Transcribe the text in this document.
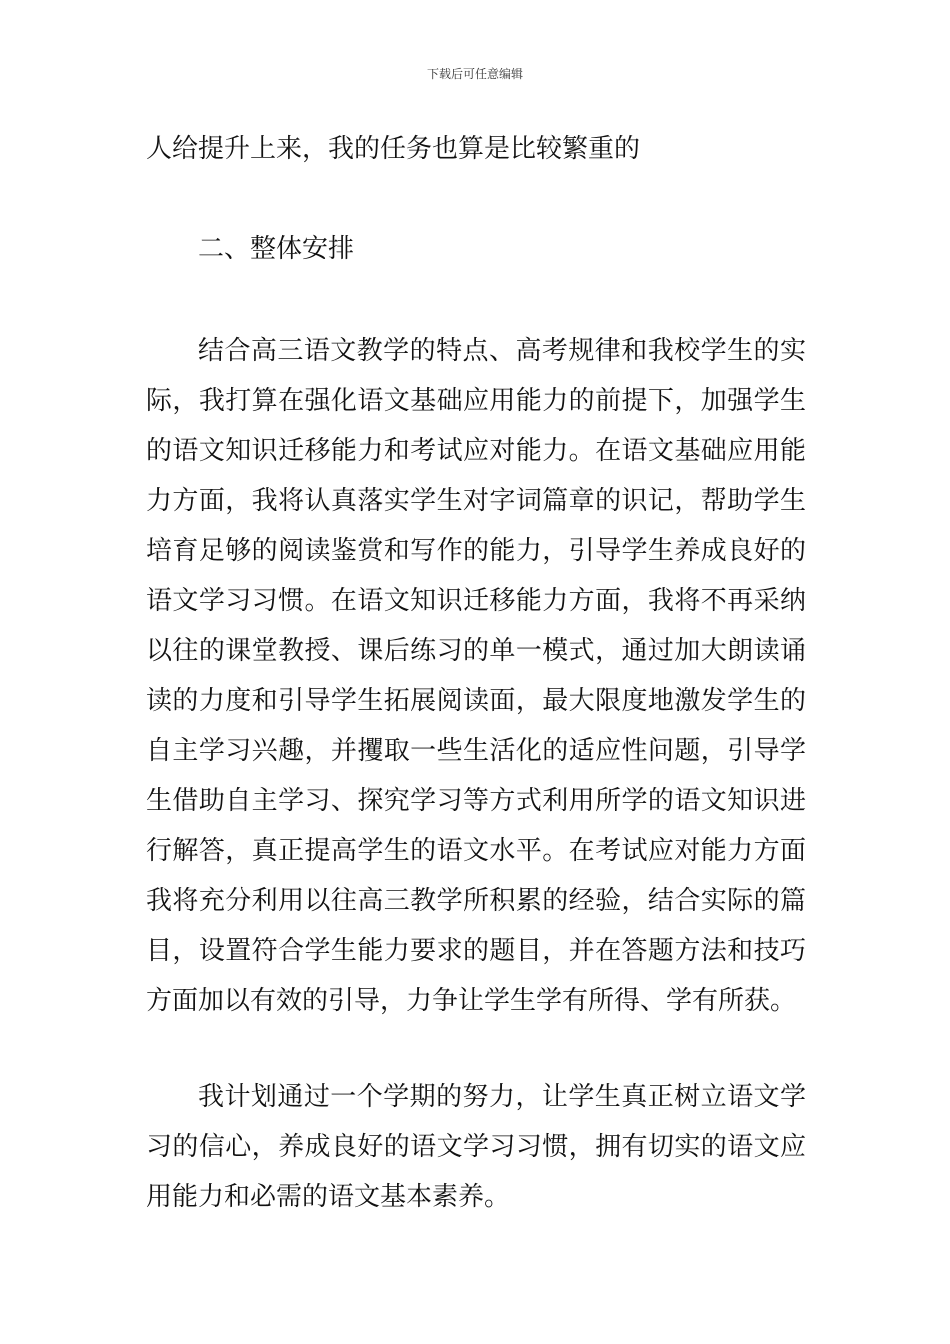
下载后可任意编辑

人给提升上来，我的任务也算是比较繁重的

二、整体安排

结合高三语文教学的特点、高考规律和我校学生的实际，我打算在强化语文基础应用能力的前提下，加强学生的语文知识迁移能力和考试应对能力。在语文基础应用能力方面，我将认真落实学生对字词篇章的识记，帮助学生培育足够的阅读鉴赏和写作的能力，引导学生养成良好的语文学习习惯。在语文知识迁移能力方面，我将不再采纳以往的课堂教授、课后练习的单一模式，通过加大朗读诵读的力度和引导学生拓展阅读面，最大限度地激发学生的自主学习兴趣，并攫取一些生活化的适应性问题，引导学生借助自主学习、探究学习等方式利用所学的语文知识进行解答，真正提高学生的语文水平。在考试应对能力方面我将充分利用以往高三教学所积累的经验，结合实际的篇目，设置符合学生能力要求的题目，并在答题方法和技巧方面加以有效的引导，力争让学生学有所得、学有所获。

我计划通过一个学期的努力，让学生真正树立语文学习的信心，养成良好的语文学习习惯，拥有切实的语文应用能力和必需的语文基本素养。
